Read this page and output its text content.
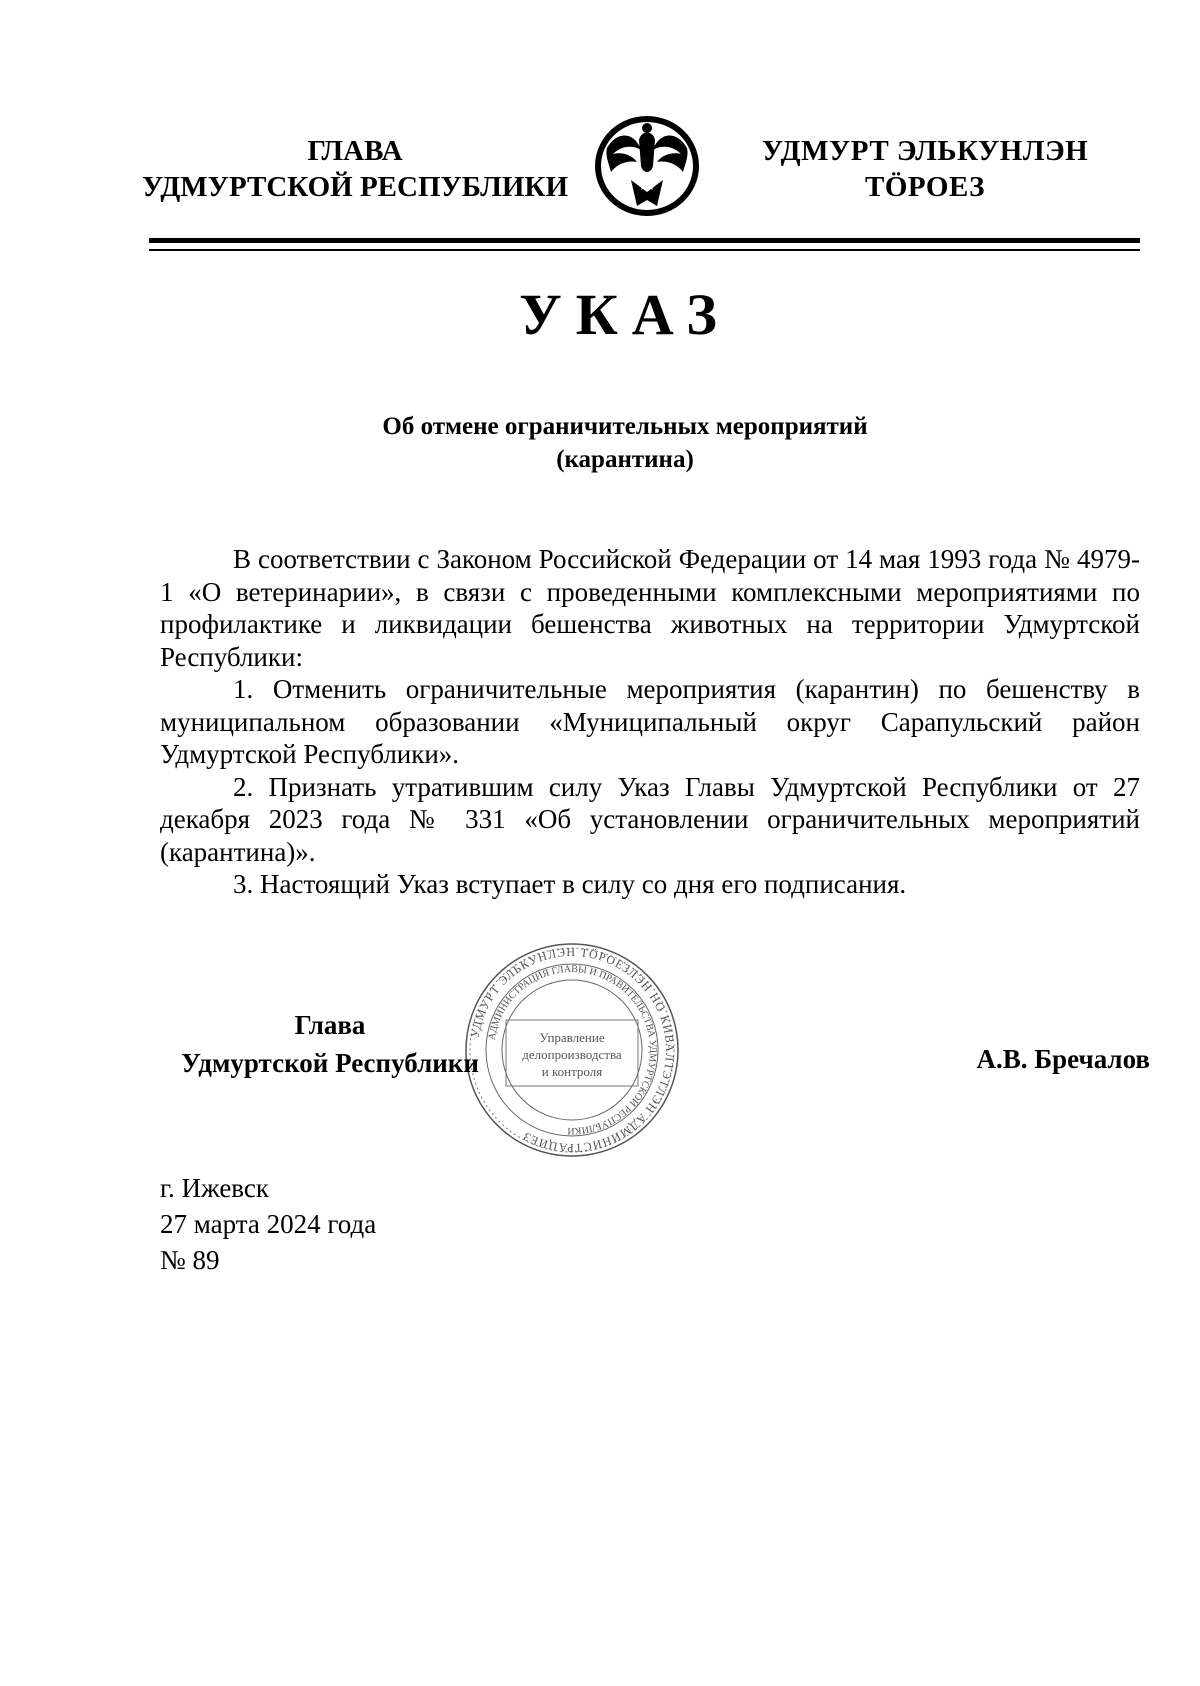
ГЛАВА
УДМУРТСКОЙ РЕСПУБЛИКИ
УДМУРТ ЭЛЬКУНЛЭН
ТӦРОЕЗ
УКАЗ
Об отмене ограничительных мероприятий
(карантина)

В соответствии с Законом Российской Федерации от 14 мая 1993 года № 4979-1 «О ветеринарии», в связи с проведенными комплексными мероприятиями по профилактике и ликвидации бешенства животных на территории Удмуртской Республики:

1. Отменить ограничительные мероприятия (карантин) по бешенству в муниципальном образовании «Муниципальный округ Сарапульский район Удмуртской Республики».

2. Признать утратившим силу Указ Главы Удмуртской Республики от 27 декабря 2023 года № 331 «Об установлении ограничительных мероприятий (карантина)».

3. Настоящий Указ вступает в силу со дня его подписания.

УДМУРТ ЭЛЬКУНЛЭН ТӦРОЕЗЛЭН НО КИВАЛТЭТЛЭН АДМИНИСТРАЦИЕЗ
АДМИНИСТРАЦИЯ ГЛАВЫ И ПРАВИТЕЛЬСТВА УДМУРТСКОЙ РЕСПУБЛИКИ
Управление
делопроизводства
и контроля
Глава
Удмуртской Республики	А.В. Бречалов
г. Ижевск
27 марта 2024 года
№ 89
